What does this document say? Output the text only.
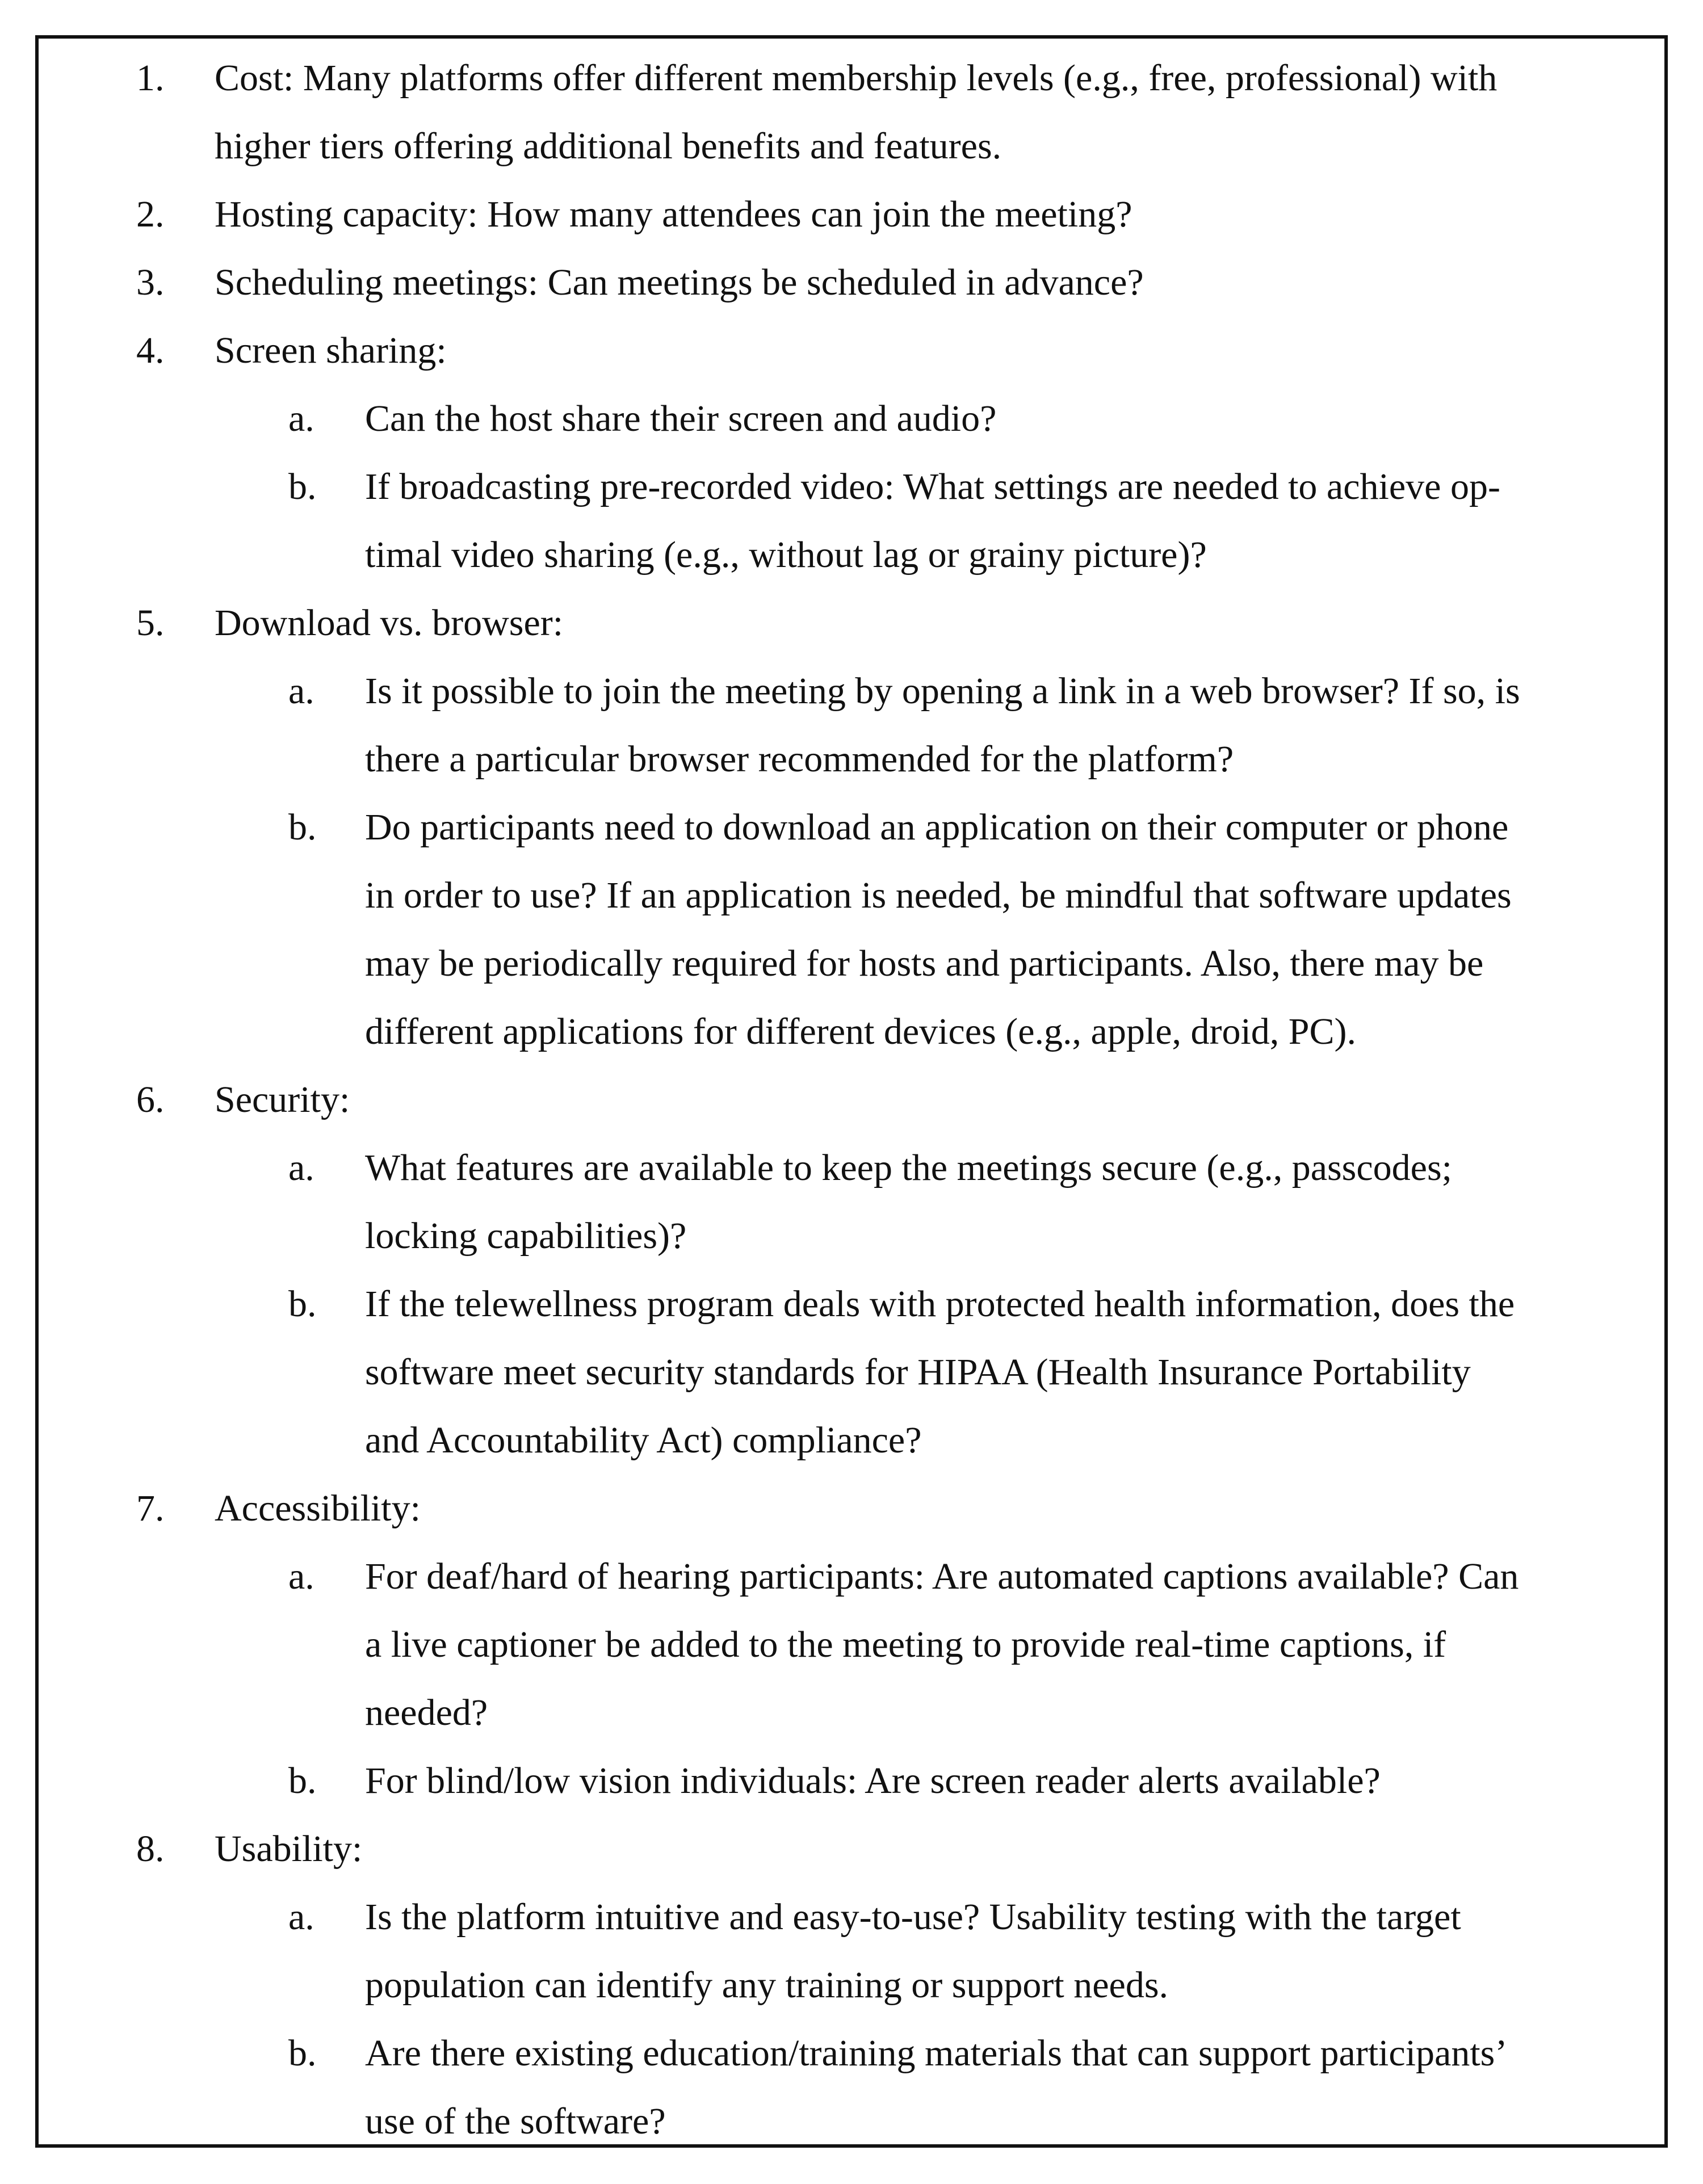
1. Cost: Many platforms offer different membership levels (e.g., free, professional) with
higher tiers offering additional benefits and features.
2. Hosting capacity: How many attendees can join the meeting?
3. Scheduling meetings: Can meetings be scheduled in advance?
4. Screen sharing:
a. Can the host share their screen and audio?
b. If broadcasting pre-recorded video: What settings are needed to achieve op-
timal video sharing (e.g., without lag or grainy picture)?
5. Download vs. browser:
a. Is it possible to join the meeting by opening a link in a web browser? If so, is
there a particular browser recommended for the platform?
b. Do participants need to download an application on their computer or phone
in order to use? If an application is needed, be mindful that software updates
may be periodically required for hosts and participants. Also, there may be
different applications for different devices (e.g., apple, droid, PC).
6. Security:
a. What features are available to keep the meetings secure (e.g., passcodes;
locking capabilities)?
b. If the telewellness program deals with protected health information, does the
software meet security standards for HIPAA (Health Insurance Portability
and Accountability Act) compliance?
7. Accessibility:
a. For deaf/hard of hearing participants: Are automated captions available? Can
a live captioner be added to the meeting to provide real-time captions, if
needed?
b. For blind/low vision individuals: Are screen reader alerts available?
8. Usability:
a. Is the platform intuitive and easy-to-use? Usability testing with the target
population can identify any training or support needs.
b. Are there existing education/training materials that can support participants’
use of the software?
